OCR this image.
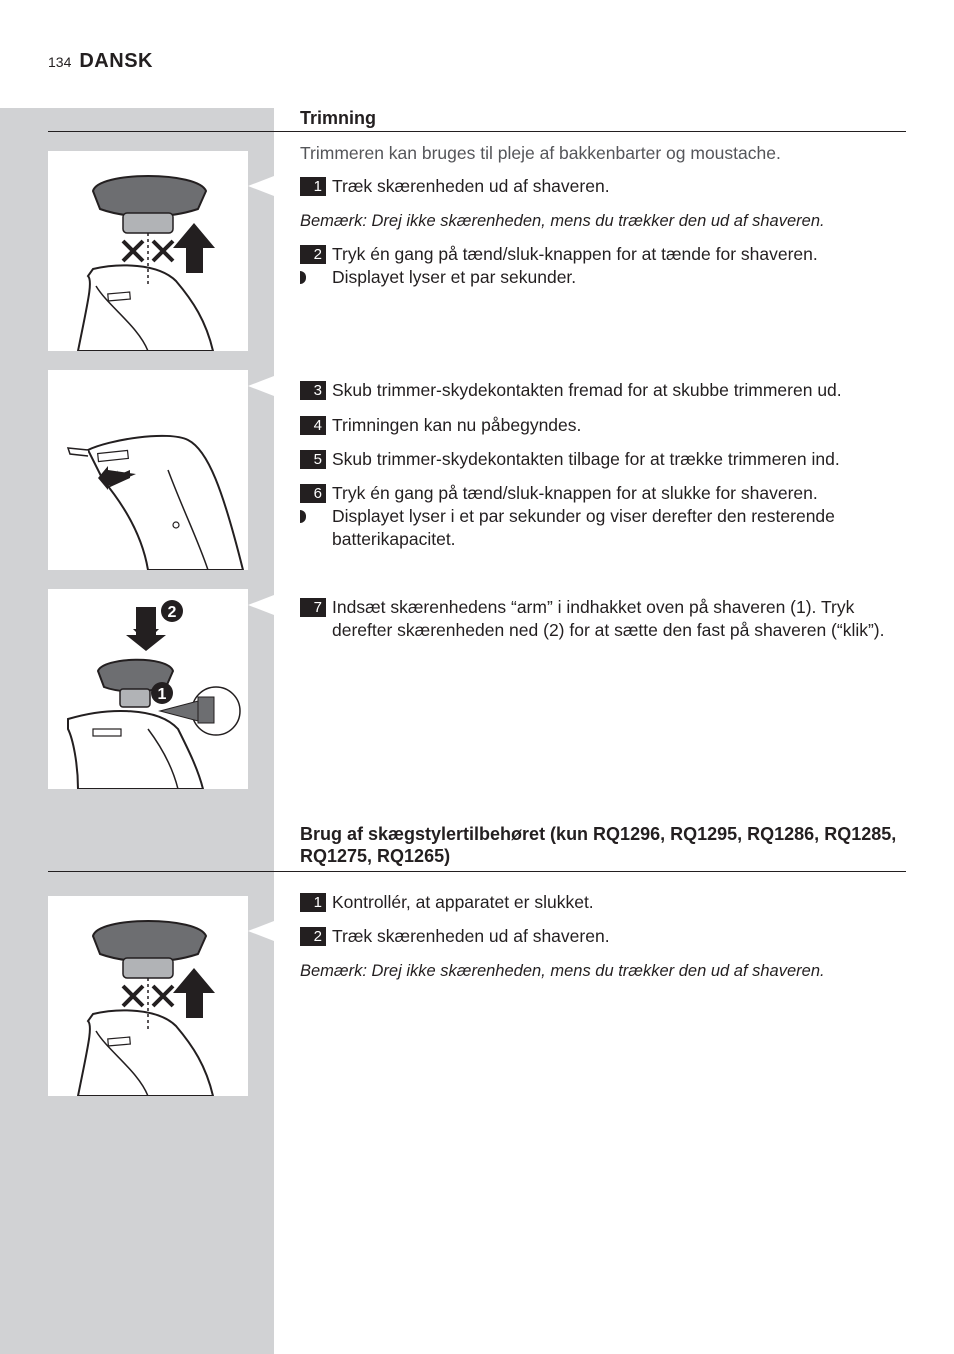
134 DANSK
Trimning

Trimmeren kan bruges til pleje af bakkenbarter og moustache.

1 Træk skærenheden ud af shaveren.

Bemærk: Drej ikke skærenheden, mens du trækker den ud af shaveren.

2 Tryk én gang på tænd/sluk-knappen for at tænde for shaveren.
Displayet lyser et par sekunder.
3 Skub trimmer-skydekontakten fremad for at skubbe trimmeren ud.
4 Trimningen kan nu påbegyndes.
5 Skub trimmer-skydekontakten tilbage for at trække trimmeren ind.
6 Tryk én gang på tænd/sluk-knappen for at slukke for shaveren.
Displayet lyser i et par sekunder og viser derefter den resterende batterikapacitet.
2
1
7 Indsæt skærenhedens “arm” i indhakket oven på shaveren (1). Tryk derefter skærenheden ned (2) for at sætte den fast på shaveren (“klik”).
Brug af skægstylertilbehøret (kun RQ1296, RQ1295, RQ1286, RQ1285, RQ1275, RQ1265)
1 Kontrollér, at apparatet er slukket.
2 Træk skærenheden ud af shaveren.

Bemærk: Drej ikke skærenheden, mens du trækker den ud af shaveren.
